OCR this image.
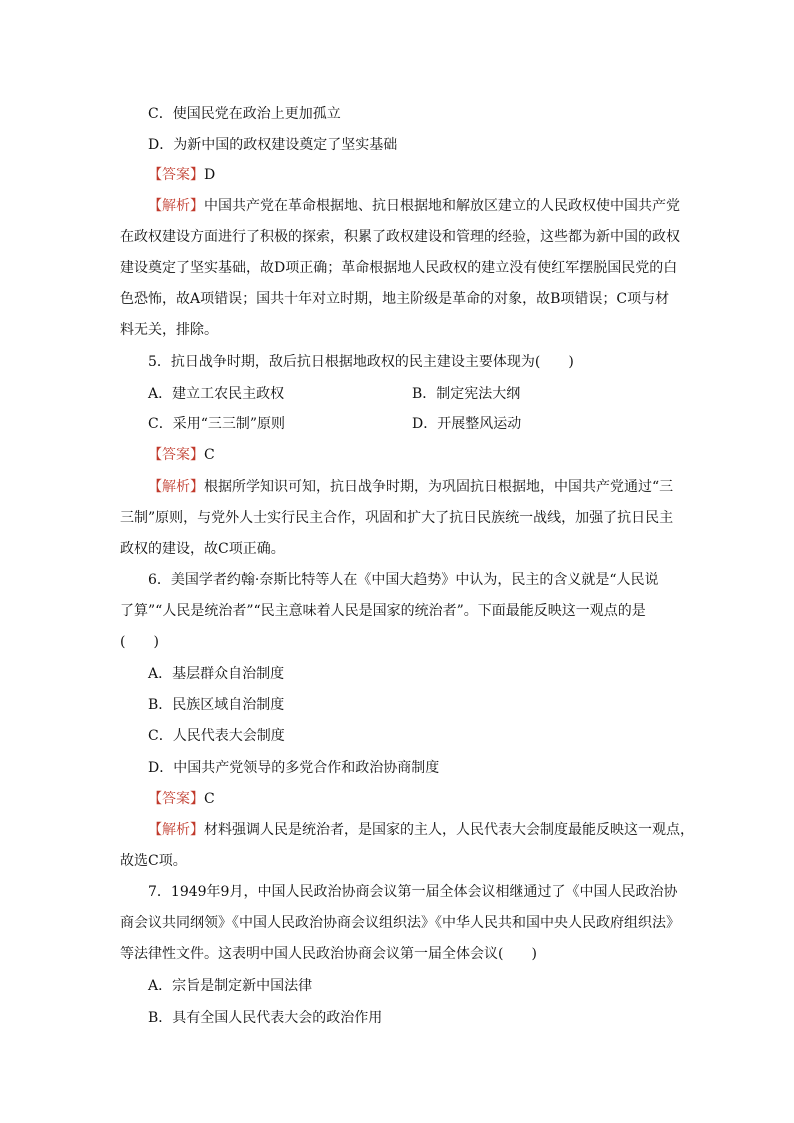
C．使国民党在政治上更加孤立
D．为新中国的政权建设奠定了坚实基础
【答案】D
【解析】中国共产党在革命根据地、抗日根据地和解放区建立的人民政权使中国共产党
在政权建设方面进行了积极的探索，积累了政权建设和管理的经验，这些都为新中国的政权
建设奠定了坚实基础，故D项正确；革命根据地人民政权的建立没有使红军摆脱国民党的白
色恐怖，故A项错误；国共十年对立时期，地主阶级是革命的对象，故B项错误；C项与材
料无关，排除。
5．抗日战争时期，敌后抗日根据地政权的民主建设主要体现为(　　)
A．建立工农民主政权	B．制定宪法大纲
C．采用“三三制”原则	D．开展整风运动
【答案】C
【解析】根据所学知识可知，抗日战争时期，为巩固抗日根据地，中国共产党通过“三
三制”原则，与党外人士实行民主合作，巩固和扩大了抗日民族统一战线，加强了抗日民主
政权的建设，故C项正确。
6．美国学者约翰·奈斯比特等人在《中国大趋势》中认为，民主的含义就是“人民说
了算”“人民是统治者”“民主意味着人民是国家的统治者”。下面最能反映这一观点的是
(　　)
A．基层群众自治制度
B．民族区域自治制度
C．人民代表大会制度
D．中国共产党领导的多党合作和政治协商制度
【答案】C
【解析】材料强调人民是统治者，是国家的主人，人民代表大会制度最能反映这一观点，
故选C项。
7．1949年9月，中国人民政治协商会议第一届全体会议相继通过了《中国人民政治协
商会议共同纲领》《中国人民政治协商会议组织法》《中华人民共和国中央人民政府组织法》
等法律性文件。这表明中国人民政治协商会议第一届全体会议(　　)
A．宗旨是制定新中国法律
B．具有全国人民代表大会的政治作用
